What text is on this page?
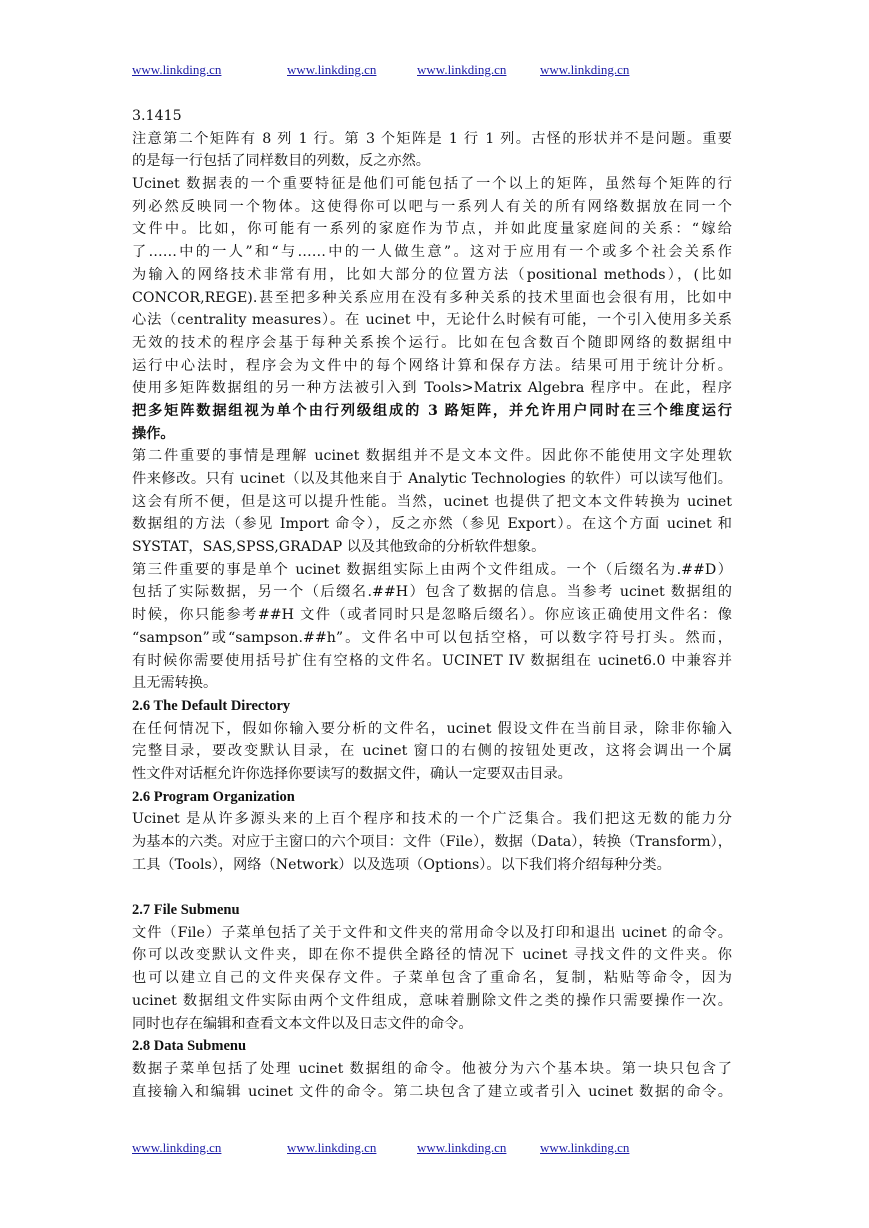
www.linkding.cn	www.linkding.cn	www.linkding.cn	www.linkding.cn
3.1415
注意第二个矩阵有 8 列 1 行。第 3 个矩阵是 1 行 1 列。古怪的形状并不是问题。重要
的是每一行包括了同样数目的列数，反之亦然。
Ucinet 数据表的一个重要特征是他们可能包括了一个以上的矩阵，虽然每个矩阵的行
列必然反映同一个物体。这使得你可以吧与一系列人有关的所有网络数据放在同一个
文件中。比如，你可能有一系列的家庭作为节点，并如此度量家庭间的关系：“嫁给
了……中的一人”和“与……中的一人做生意”。这对于应用有一个或多个社会关系作
为输入的网络技术非常有用，比如大部分的位置方法（positional methods），(比如
CONCOR,REGE).甚至把多种关系应用在没有多种关系的技术里面也会很有用，比如中
心法（centrality measures）。在 ucinet 中，无论什么时候有可能，一个引入使用多关系
无效的技术的程序会基于每种关系挨个运行。比如在包含数百个随即网络的数据组中
运行中心法时，程序会为文件中的每个网络计算和保存方法。结果可用于统计分析。
使用多矩阵数据组的另一种方法被引入到 Tools>Matrix Algebra 程序中。在此，程序
把多矩阵数据组视为单个由行列级组成的 3 路矩阵，并允许用户同时在三个维度运行
操作。
第二件重要的事情是理解 ucinet 数据组并不是文本文件。因此你不能使用文字处理软
件来修改。只有 ucinet（以及其他来自于 Analytic Technologies 的软件）可以读写他们。
这会有所不便，但是这可以提升性能。当然，ucinet 也提供了把文本文件转换为 ucinet
数据组的方法（参见 Import 命令），反之亦然（参见 Export）。在这个方面 ucinet 和
SYSTAT，SAS,SPSS,GRADAP 以及其他致命的分析软件想象。
第三件重要的事是单个 ucinet 数据组实际上由两个文件组成。一个（后缀名为.##D）
包括了实际数据，另一个（后缀名.##H）包含了数据的信息。当参考 ucinet 数据组的
时候，你只能参考##H 文件（或者同时只是忽略后缀名）。你应该正确使用文件名：像
“sampson”或“sampson.##h”。文件名中可以包括空格，可以数字符号打头。然而，
有时候你需要使用括号扩住有空格的文件名。UCINET IV 数据组在 ucinet6.0 中兼容并
且无需转换。
2.6 The Default Directory
在任何情况下，假如你输入要分析的文件名，ucinet 假设文件在当前目录，除非你输入
完整目录，要改变默认目录，在 ucinet 窗口的右侧的按钮处更改，这将会调出一个属
性文件对话框允许你选择你要读写的数据文件，确认一定要双击目录。
2.6 Program Organization
Ucinet 是从许多源头来的上百个程序和技术的一个广泛集合。我们把这无数的能力分
为基本的六类。对应于主窗口的六个项目：文件（File），数据（Data），转换（Transform），
工具（Tools），网络（Network）以及选项（Options）。以下我们将介绍每种分类。
2.7 File Submenu
文件（File）子菜单包括了关于文件和文件夹的常用命令以及打印和退出 ucinet 的命令。
你可以改变默认文件夹，即在你不提供全路径的情况下 ucinet 寻找文件的文件夹。你
也可以建立自己的文件夹保存文件。子菜单包含了重命名，复制，粘贴等命令，因为
ucinet 数据组文件实际由两个文件组成，意味着删除文件之类的操作只需要操作一次。
同时也存在编辑和查看文本文件以及日志文件的命令。
2.8 Data Submenu
数据子菜单包括了处理 ucinet 数据组的命令。他被分为六个基本块。第一块只包含了
直接输入和编辑 ucinet 文件的命令。第二块包含了建立或者引入 ucinet 数据的命令。
www.linkding.cn	www.linkding.cn	www.linkding.cn	www.linkding.cn
